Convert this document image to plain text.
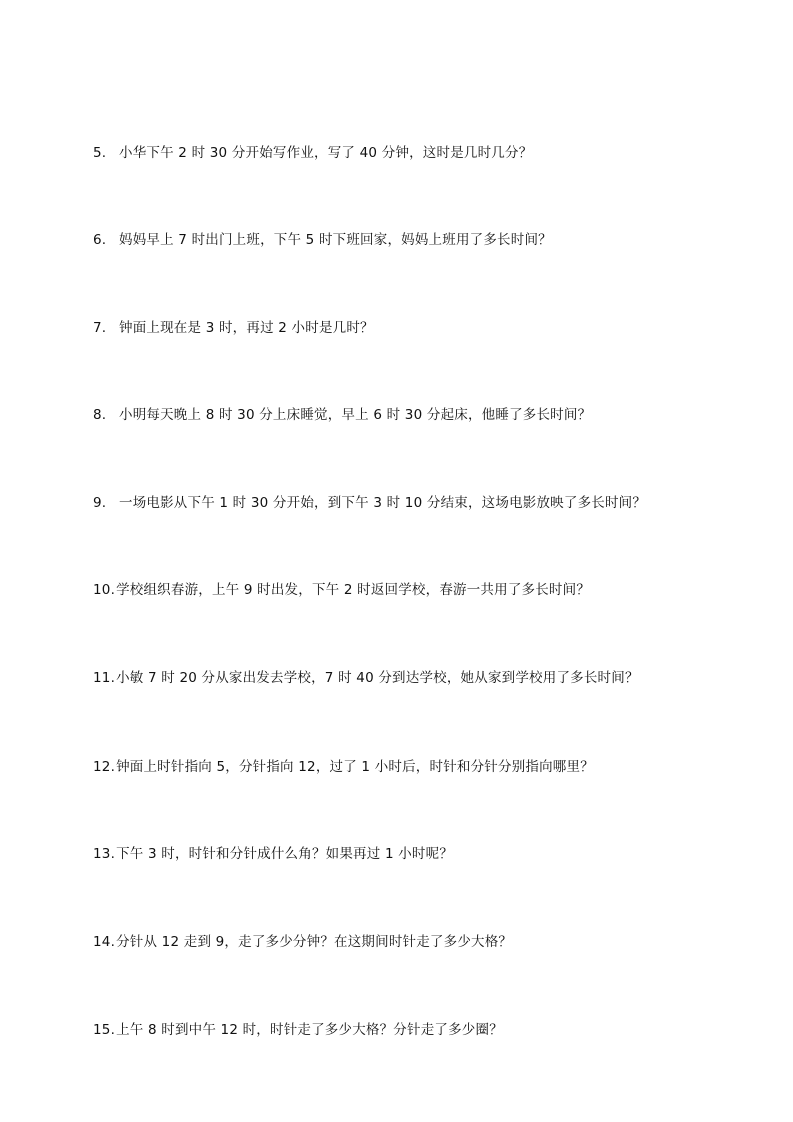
5. 小华下午 2 时 30 分开始写作业，写了 40 分钟，这时是几时几分？
6. 妈妈早上 7 时出门上班，下午 5 时下班回家，妈妈上班用了多长时间？
7. 钟面上现在是 3 时，再过 2 小时是几时？
8. 小明每天晚上 8 时 30 分上床睡觉，早上 6 时 30 分起床，他睡了多长时间？
9. 一场电影从下午 1 时 30 分开始，到下午 3 时 10 分结束，这场电影放映了多长时间？
10.学校组织春游，上午 9 时出发，下午 2 时返回学校，春游一共用了多长时间？
11.小敏 7 时 20 分从家出发去学校，7 时 40 分到达学校，她从家到学校用了多长时间？
12.钟面上时针指向 5，分针指向 12，过了 1 小时后，时针和分针分别指向哪里？
13.下午 3 时，时针和分针成什么角？如果再过 1 小时呢？
14.分针从 12 走到 9，走了多少分钟？在这期间时针走了多少大格？
15.上午 8 时到中午 12 时，时针走了多少大格？分针走了多少圈？
